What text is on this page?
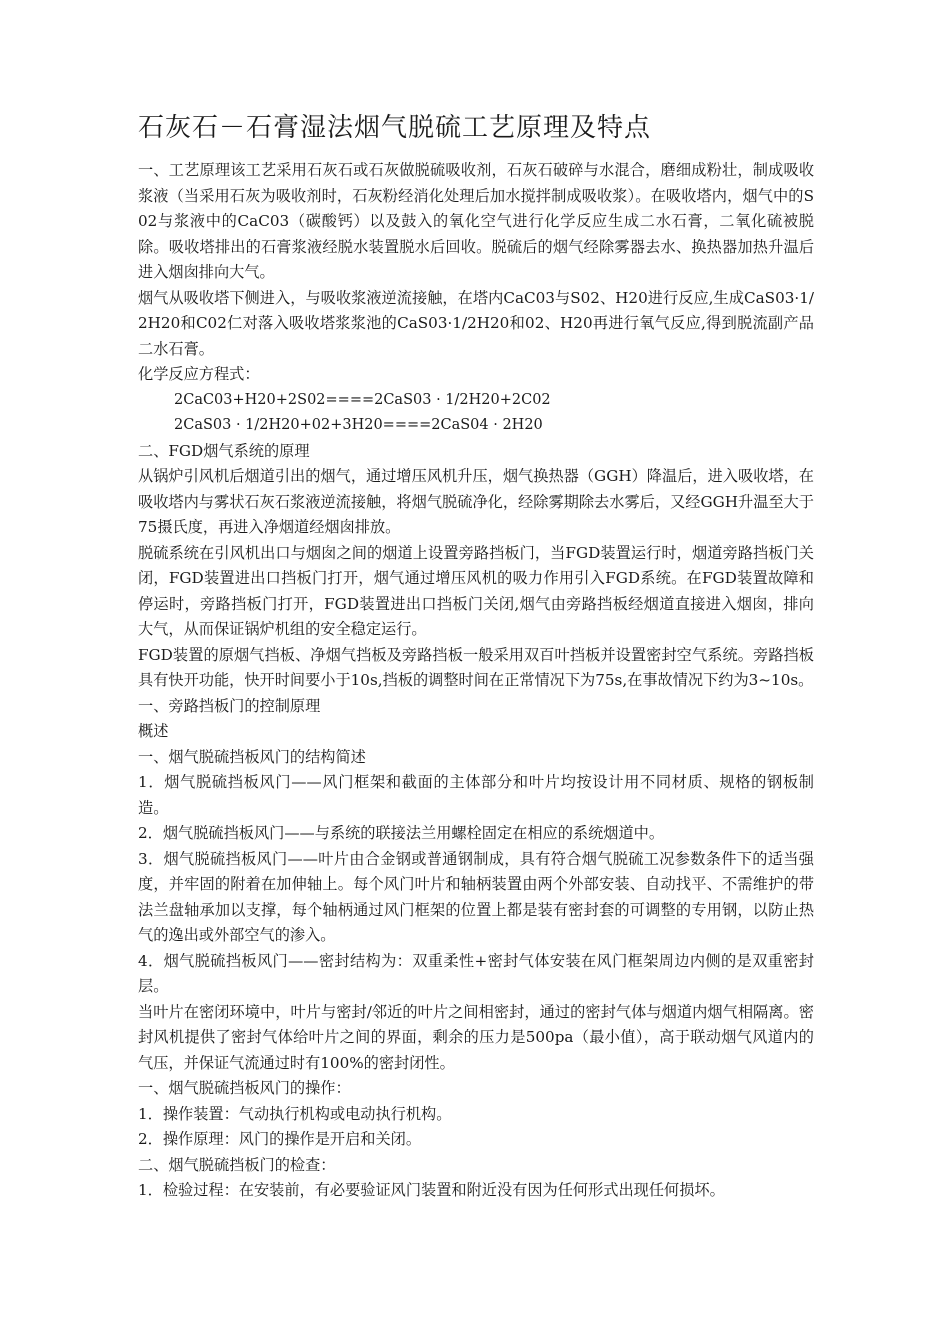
石灰石－石膏湿法烟气脱硫工艺原理及特点

一、工艺原理该工艺采用石灰石或石灰做脱硫吸收剂，石灰石破碎与水混合，磨细成粉壮，制成吸收浆液（当采用石灰为吸收剂时，石灰粉经消化处理后加水搅拌制成吸收浆）。在吸收塔内，烟气中的S02与浆液中的CaC03（碳酸钙）以及鼓入的氧化空气进行化学反应生成二水石膏，二氧化硫被脱除。吸收塔排出的石膏浆液经脱水装置脱水后回收。脱硫后的烟气经除雾器去水、换热器加热升温后进入烟囱排向大气。

烟气从吸收塔下侧进入，与吸收浆液逆流接触，在塔内CaC03与S02、H20进行反应,生成CaS03·1/2H20和C02仁对落入吸收塔浆浆池的CaS03·1/2H20和02、H20再进行氧气反应,得到脱流副产品二水石膏。

化学反应方程式：

2CaC03+H20+2S02====2CaS03 · 1/2H20+2C02

2CaS03 · 1/2H20+02+3H20====2CaS04 · 2H20

二、FGD烟气系统的原理

从锅炉引风机后烟道引出的烟气，通过增压风机升压，烟气换热器（GGH）降温后，进入吸收塔，在吸收塔内与雾状石灰石浆液逆流接触，将烟气脱硫净化，经除雾期除去水雾后，又经GGH升温至大于75摄氏度，再进入净烟道经烟囱排放。

脱硫系统在引风机出口与烟囱之间的烟道上设置旁路挡板门，当FGD装置运行时，烟道旁路挡板门关闭，FGD装置进出口挡板门打开，烟气通过增压风机的吸力作用引入FGD系统。在FGD装置故障和停运时，旁路挡板门打开，FGD装置进出口挡板门关闭,烟气由旁路挡板经烟道直接进入烟囱，排向大气，从而保证锅炉机组的安全稳定运行。

FGD装置的原烟气挡板、净烟气挡板及旁路挡板一般采用双百叶挡板并设置密封空气系统。旁路挡板具有快开功能，快开时间要小于10s,挡板的调整时间在正常情况下为75s,在事故情况下约为3~10s。

一、旁路挡板门的控制原理

概述

一、烟气脱硫挡板风门的结构简述

1．烟气脱硫挡板风门——风门框架和截面的主体部分和叶片均按设计用不同材质、规格的钢板制造。

2．烟气脱硫挡板风门——与系统的联接法兰用螺栓固定在相应的系统烟道中。

3．烟气脱硫挡板风门——叶片由合金钢或普通钢制成，具有符合烟气脱硫工况参数条件下的适当强度，并牢固的附着在加伸轴上。每个风门叶片和轴柄装置由两个外部安装、自动找平、不需维护的带法兰盘轴承加以支撑，每个轴柄通过风门框架的位置上都是装有密封套的可调整的专用钢，以防止热气的逸出或外部空气的渗入。

4．烟气脱硫挡板风门——密封结构为：双重柔性+密封气体安装在风门框架周边内侧的是双重密封层。

当叶片在密闭环境中，叶片与密封/邻近的叶片之间相密封，通过的密封气体与烟道内烟气相隔离。密封风机提供了密封气体给叶片之间的界面，剩余的压力是500pa（最小值），高于联动烟气风道内的气压，并保证气流通过时有100%的密封闭性。

一、烟气脱硫挡板风门的操作：

1．操作装置：气动执行机构或电动执行机构。

2．操作原理：风门的操作是开启和关闭。

二、烟气脱硫挡板门的检查：

1．检验过程：在安装前，有必要验证风门装置和附近没有因为任何形式出现任何损坏。
